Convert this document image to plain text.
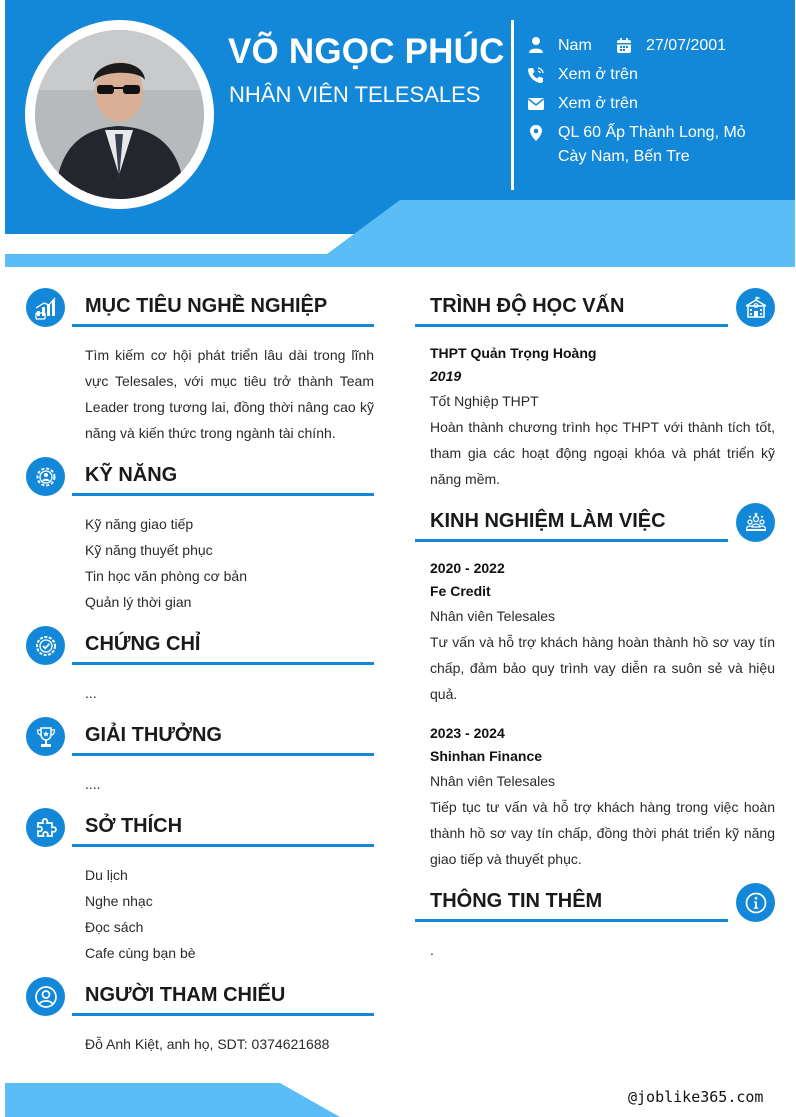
VÕ NGỌC PHÚC
NHÂN VIÊN TELESALES
Nam	27/07/2001
Xem ở trên
Xem ở trên
QL 60 Ấp Thành Long, Mỏ
Cày Nam, Bến Tre
MỤC TIÊU NGHỀ NGHIỆP
Tìm kiếm cơ hội phát triển lâu dài trong lĩnh vực Telesales, với mục tiêu trở thành Team Leader trong tương lai, đồng thời nâng cao kỹ năng và kiến thức trong ngành tài chính.
KỸ NĂNG
Kỹ năng giao tiếp
Kỹ năng thuyết phục
Tin học văn phòng cơ bản
Quản lý thời gian
CHỨNG CHỈ
...
GIẢI THƯỞNG
....
SỞ THÍCH
Du lịch
Nghe nhạc
Đọc sách
Cafe cùng bạn bè
NGƯỜI THAM CHIẾU
Đỗ Anh Kiệt, anh họ, SDT: 0374621688
TRÌNH ĐỘ HỌC VẤN
THPT Quản Trọng Hoàng
2019
Tốt Nghiệp THPT
Hoàn thành chương trình học THPT với thành tích tốt, tham gia các hoạt động ngoại khóa và phát triển kỹ năng mềm.
KINH NGHIỆM LÀM VIỆC
2020 - 2022
Fe Credit
Nhân viên Telesales
Tư vấn và hỗ trợ khách hàng hoàn thành hồ sơ vay tín chấp, đảm bảo quy trình vay diễn ra suôn sẻ và hiệu quả.
2023 - 2024
Shinhan Finance
Nhân viên Telesales
Tiếp tục tư vấn và hỗ trợ khách hàng trong việc hoàn thành hồ sơ vay tín chấp, đồng thời phát triển kỹ năng giao tiếp và thuyết phục.
THÔNG TIN THÊM
.
@joblike365.com
